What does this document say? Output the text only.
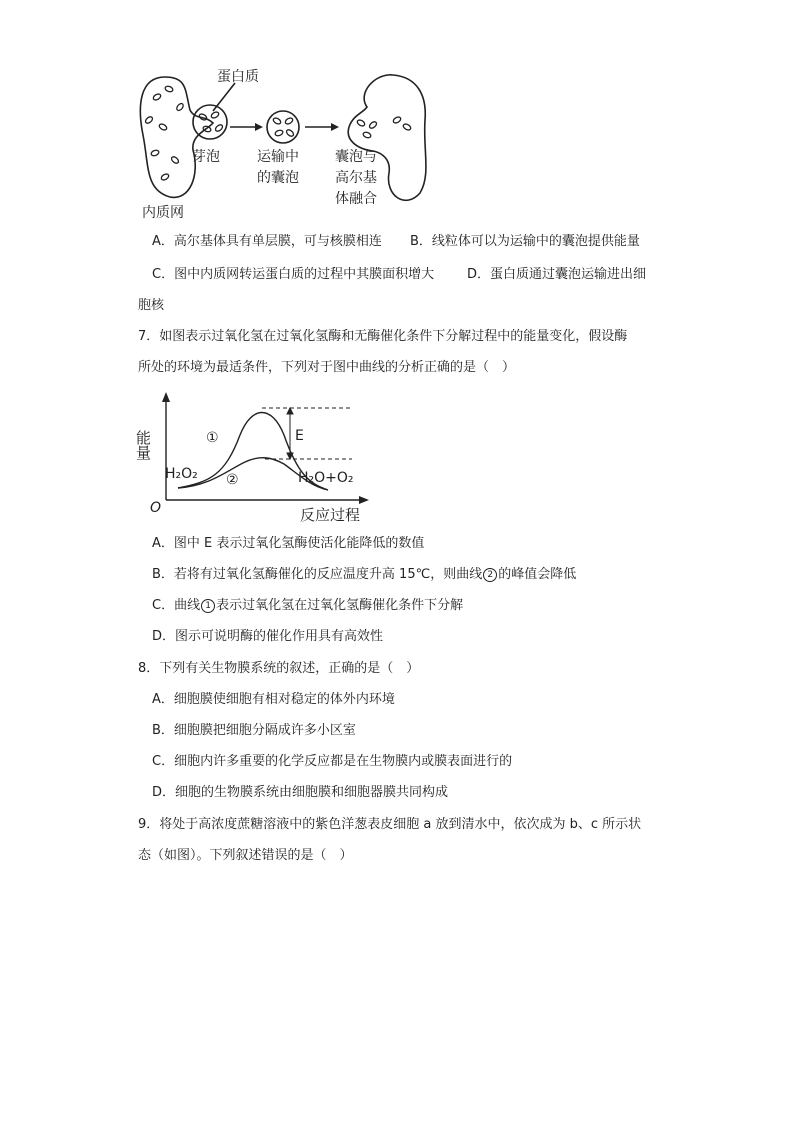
蛋白质
芽泡	运输中
的囊泡
囊泡与
高尔基
体融合
内质网
A．高尔基体具有单层膜，可与核膜相连 B．线粒体可以为运输中的囊泡提供能量
C．图中内质网转运蛋白质的过程中其膜面积增大	D．蛋白质通过囊泡运输进出细
胞核
7．如图表示过氧化氢在过氧化氢酶和无酶催化条件下分解过程中的能量变化，假设酶
所处的环境为最适条件，下列对于图中曲线的分析正确的是（　）
能量
反应过程
O
①
②
E
H₂O₂	H₂O+O₂
A．图中 E 表示过氧化氢酶使活化能降低的数值
B．若将有过氧化氢酶催化的反应温度升高 15℃，则曲线 2 的峰值会降低
C．曲线 1 表示过氧化氢在过氧化氢酶催化条件下分解
D．图示可说明酶的催化作用具有高效性
8．下列有关生物膜系统的叙述，正确的是（　）
A．细胞膜使细胞有相对稳定的体外内环境
B．细胞膜把细胞分隔成许多小区室
C．细胞内许多重要的化学反应都是在生物膜内或膜表面进行的
D．细胞的生物膜系统由细胞膜和细胞器膜共同构成
9．将处于高浓度蔗糖溶液中的紫色洋葱表皮细胞 a 放到清水中，依次成为 b、c 所示状
态（如图）。下列叙述错误的是（　）
